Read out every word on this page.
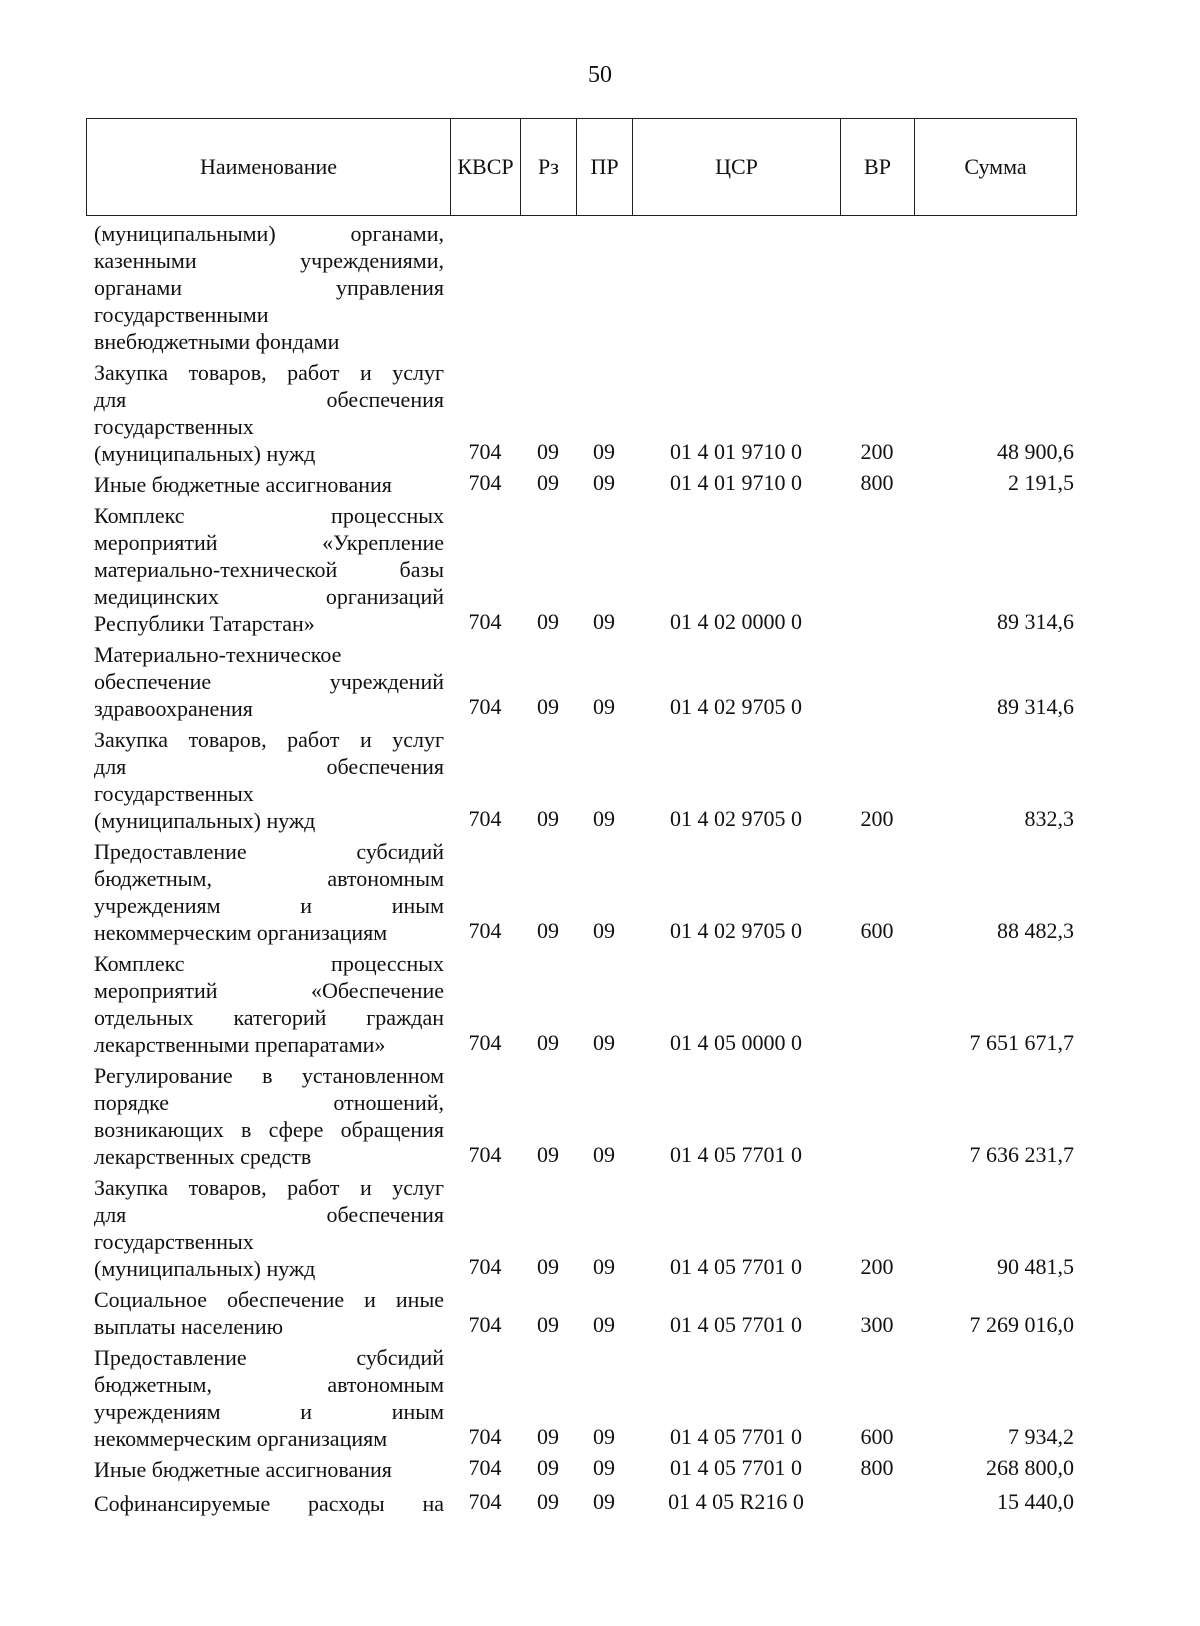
50
Наименование	КВСР	Рз	ПР	ЦСР	ВР	Сумма
(муниципальными) органами,
казенными учреждениями,
органами управления
государственными
внебюджетными фондами						

Закупка товаров, работ и услуг
для обеспечения
государственных
(муниципальных) нужд	704	09	09	01 4 01 9710 0	200	48 900,6

Иные бюджетные ассигнования	704	09	09	01 4 01 9710 0	800	2 191,5

Комплекс процессных
мероприятий «Укрепление
материально-технической базы
медицинских организаций
Республики Татарстан»	704	09	09	01 4 02 0000 0		89 314,6

Материально-техническое
обеспечение учреждений
здравоохранения	704	09	09	01 4 02 9705 0		89 314,6

Закупка товаров, работ и услуг
для обеспечения
государственных
(муниципальных) нужд	704	09	09	01 4 02 9705 0	200	832,3

Предоставление субсидий
бюджетным, автономным
учреждениям и иным
некоммерческим организациям	704	09	09	01 4 02 9705 0	600	88 482,3

Комплекс процессных
мероприятий «Обеспечение
отдельных категорий граждан
лекарственными препаратами»	704	09	09	01 4 05 0000 0		7 651 671,7

Регулирование в установленном
порядке отношений,
возникающих в сфере обращения
лекарственных средств	704	09	09	01 4 05 7701 0		7 636 231,7

Закупка товаров, работ и услуг
для обеспечения
государственных
(муниципальных) нужд	704	09	09	01 4 05 7701 0	200	90 481,5

Социальное обеспечение и иные
выплаты населению	704	09	09	01 4 05 7701 0	300	7 269 016,0

Предоставление субсидий
бюджетным, автономным
учреждениям и иным
некоммерческим организациям	704	09	09	01 4 05 7701 0	600	7 934,2

Иные бюджетные ассигнования	704	09	09	01 4 05 7701 0	800	268 800,0

Софинансируемые расходы на	704	09	09	01 4 05 R216 0		15 440,0
